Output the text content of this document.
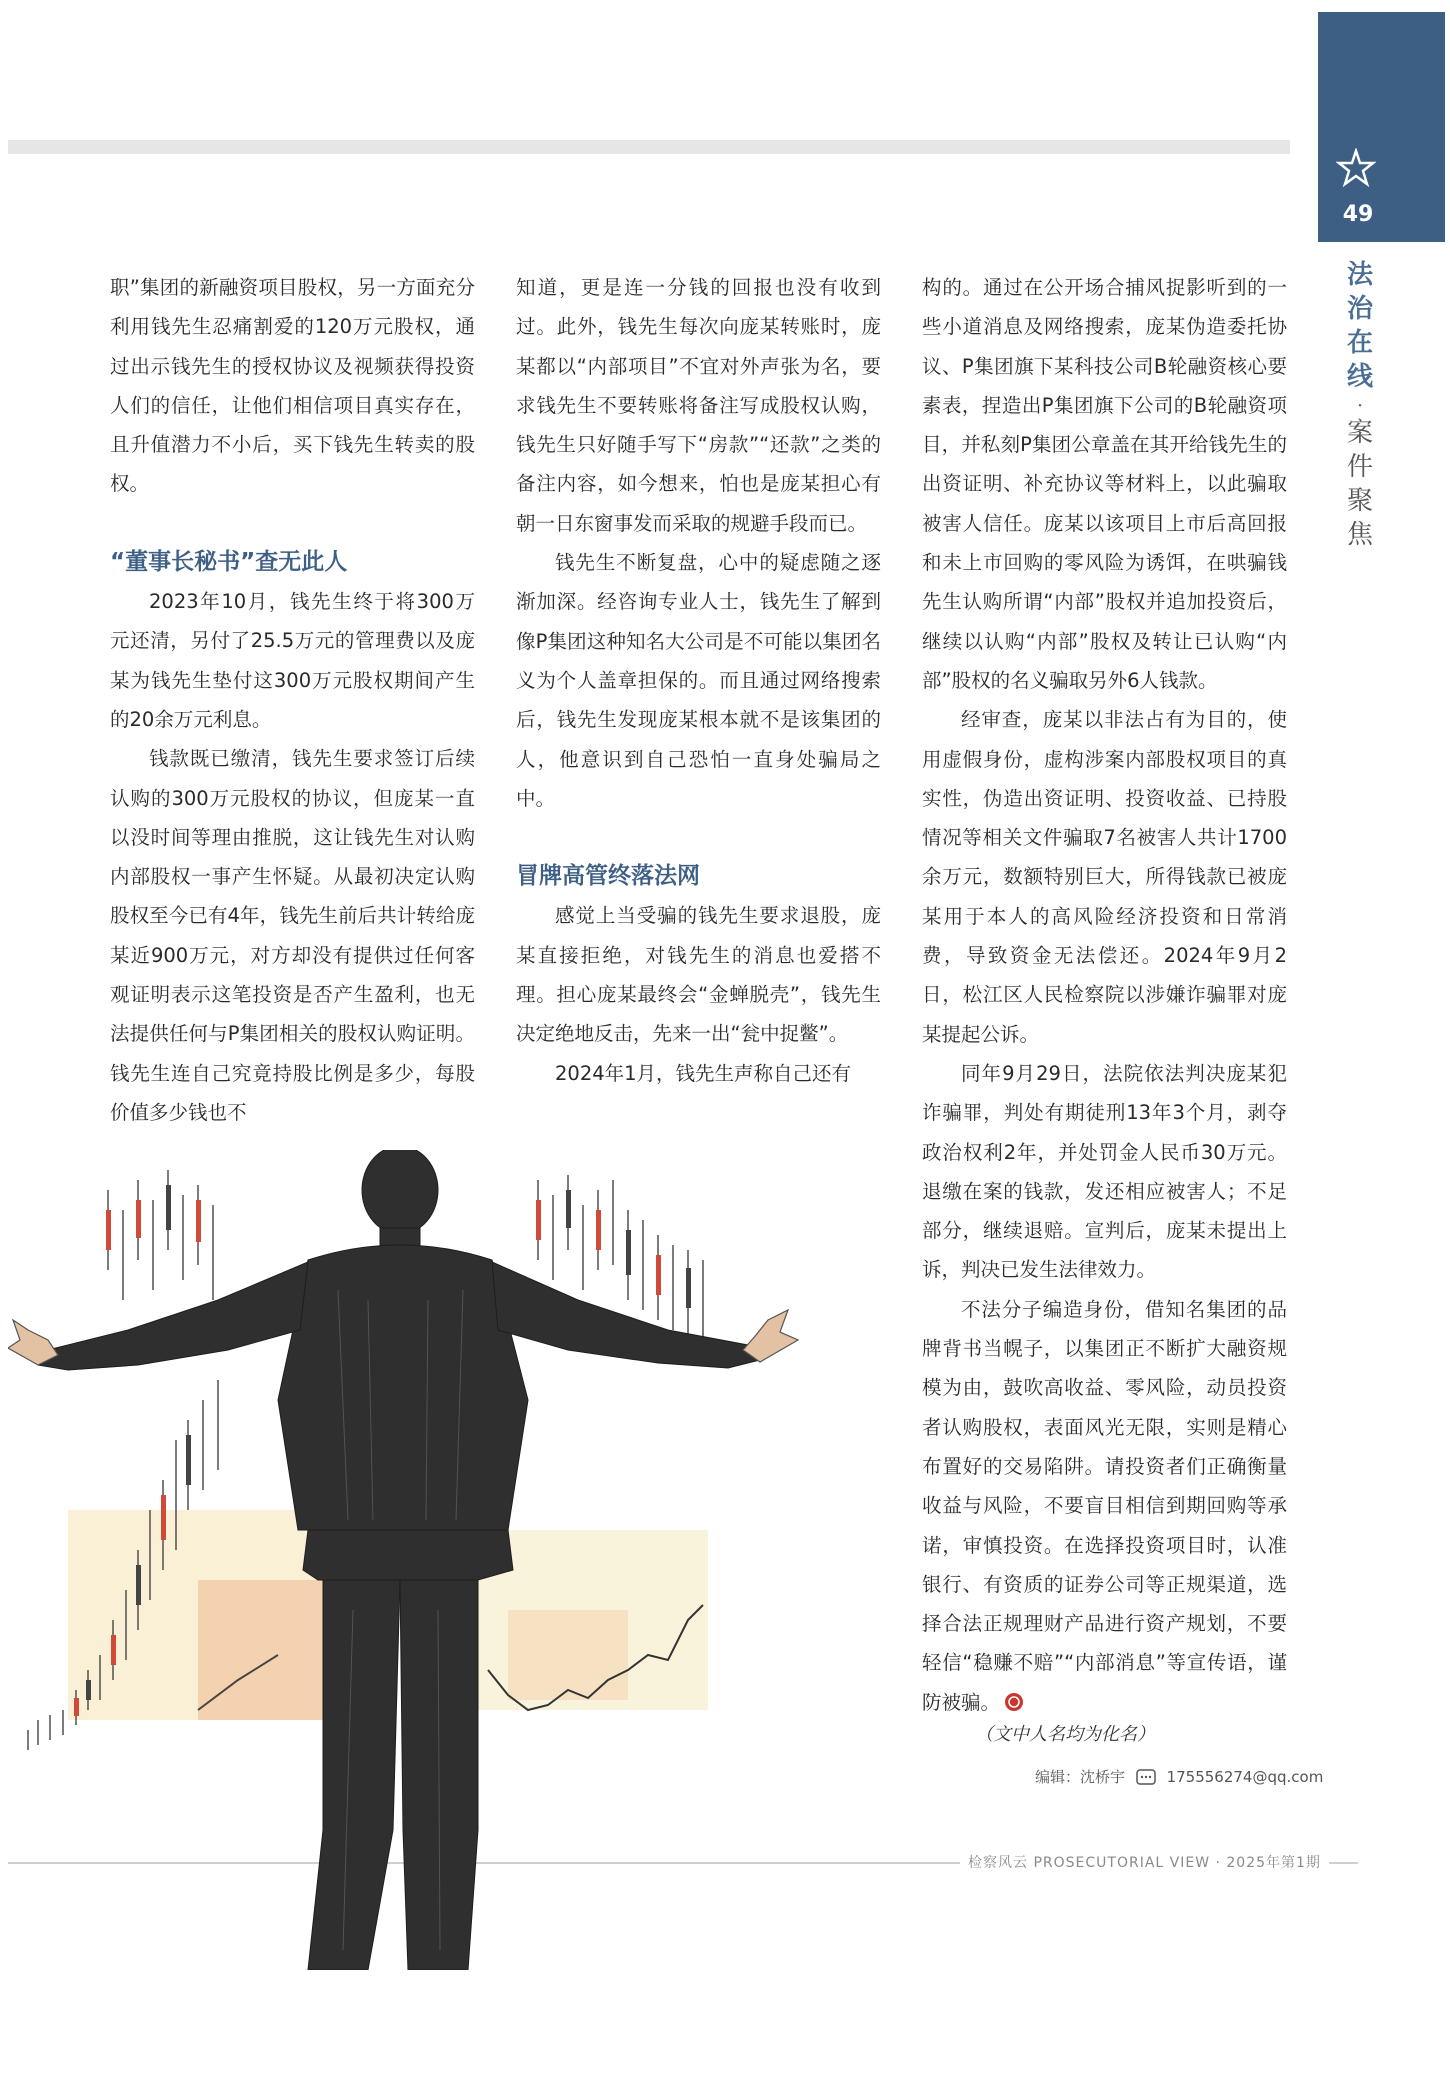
49
法治在线
·
案件聚焦

职”集团的新融资项目股权，另一方面充分利用钱先生忍痛割爱的120万元股权，通过出示钱先生的授权协议及视频获得投资人们的信任，让他们相信项目真实存在，且升值潜力不小后，买下钱先生转卖的股权。

“董事长秘书”查无此人

2023年10月，钱先生终于将300万元还清，另付了25.5万元的管理费以及庞某为钱先生垫付这300万元股权期间产生的20余万元利息。

钱款既已缴清，钱先生要求签订后续认购的300万元股权的协议，但庞某一直以没时间等理由推脱，这让钱先生对认购内部股权一事产生怀疑。从最初决定认购股权至今已有4年，钱先生前后共计转给庞某近900万元，对方却没有提供过任何客观证明表示这笔投资是否产生盈利，也无法提供任何与P集团相关的股权认购证明。钱先生连自己究竟持股比例是多少，每股价值多少钱也不

知道，更是连一分钱的回报也没有收到过。此外，钱先生每次向庞某转账时，庞某都以“内部项目”不宜对外声张为名，要求钱先生不要转账将备注写成股权认购，钱先生只好随手写下“房款”“还款”之类的备注内容，如今想来，怕也是庞某担心有朝一日东窗事发而采取的规避手段而已。

钱先生不断复盘，心中的疑虑随之逐渐加深。经咨询专业人士，钱先生了解到像P集团这种知名大公司是不可能以集团名义为个人盖章担保的。而且通过网络搜索后，钱先生发现庞某根本就不是该集团的人，他意识到自己恐怕一直身处骗局之中。

冒牌高管终落法网

感觉上当受骗的钱先生要求退股，庞某直接拒绝，对钱先生的消息也爱搭不理。担心庞某最终会“金蝉脱壳”，钱先生决定绝地反击，先来一出“瓮中捉鳖”。

2024年1月，钱先生声称自己还有

构的。通过在公开场合捕风捉影听到的一些小道消息及网络搜索，庞某伪造委托协议、P集团旗下某科技公司B轮融资核心要素表，捏造出P集团旗下公司的B轮融资项目，并私刻P集团公章盖在其开给钱先生的出资证明、补充协议等材料上，以此骗取被害人信任。庞某以该项目上市后高回报和未上市回购的零风险为诱饵，在哄骗钱先生认购所谓“内部”股权并追加投资后，继续以认购“内部”股权及转让已认购“内部”股权的名义骗取另外6人钱款。

经审查，庞某以非法占有为目的，使用虚假身份，虚构涉案内部股权项目的真实性，伪造出资证明、投资收益、已持股情况等相关文件骗取7名被害人共计1700余万元，数额特别巨大，所得钱款已被庞某用于本人的高风险经济投资和日常消费，导致资金无法偿还。2024年9月2日，松江区人民检察院以涉嫌诈骗罪对庞某提起公诉。

同年9月29日，法院依法判决庞某犯诈骗罪，判处有期徒刑13年3个月，剥夺政治权利2年，并处罚金人民币30万元。退缴在案的钱款，发还相应被害人；不足部分，继续退赔。宣判后，庞某未提出上诉，判决已发生法律效力。

不法分子编造身份，借知名集团的品牌背书当幌子，以集团正不断扩大融资规模为由，鼓吹高收益、零风险，动员投资者认购股权，表面风光无限，实则是精心布置好的交易陷阱。请投资者们正确衡量收益与风险，不要盲目相信到期回购等承诺，审慎投资。在选择投资项目时，认准银行、有资质的证券公司等正规渠道，选择合法正规理财产品进行资产规划，不要轻信“稳赚不赔”“内部消息”等宣传语，谨防被骗。

（文中人名均为化名）
编辑：沈桥宇	175556274@qq.com
检察风云 PROSECUTORIAL VIEW · 2025年第1期
